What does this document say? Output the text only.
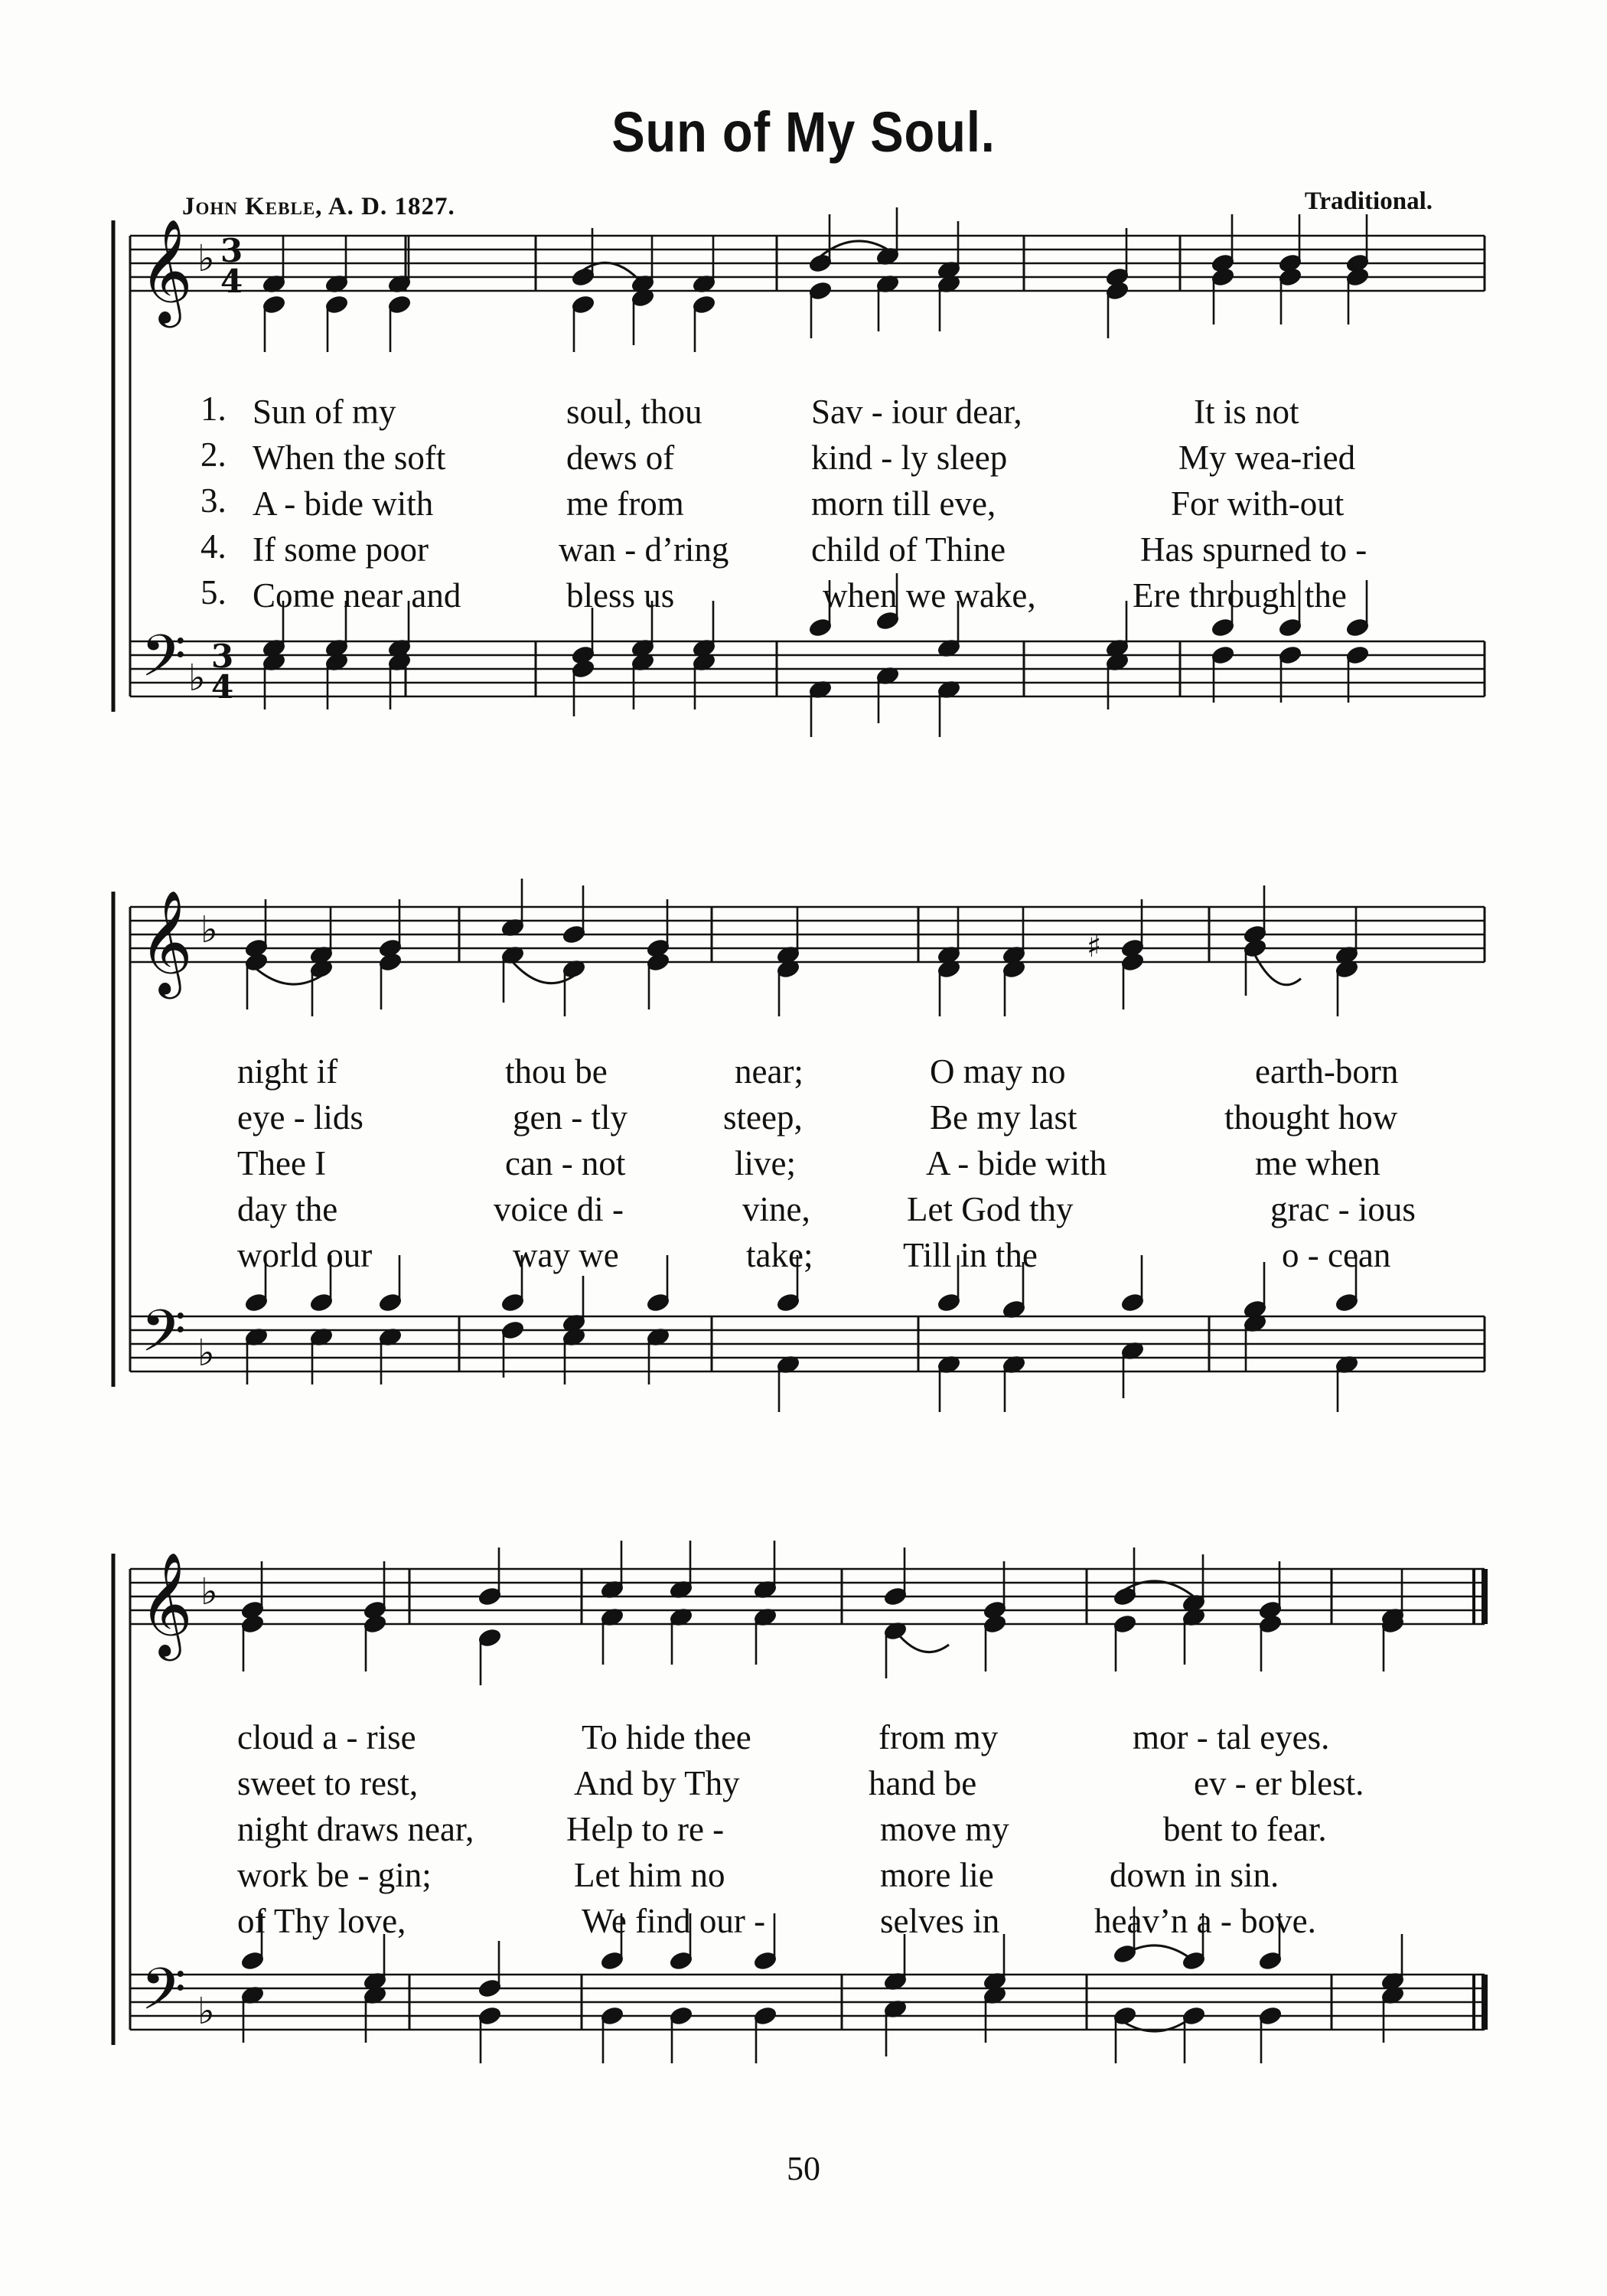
Sun of My Soul.
John Keble, A. D. 1827.	Traditional.
𝄞
𝄢
♭
♭
3
4
3
4
𝄞
𝄢
♭
♭
𝄞
𝄢
♭
♭
♯
1.
2.
3.
4.
5.
Sun of my	soul, thou	Sav - iour dear,	It is not
When the soft	dews of	kind - ly sleep	My wea-ried
A - bide with	me from	morn till eve,	For with-out
If some poor	wan - d’ring child of Thine	Has spurned to -
Come near and	bless us	when we wake,	Ere through the
night if	thou be	near;	O may no	earth-born
eye - lids	gen - tly	steep,	Be my last	thought how
Thee I	can - not	live;	A - bide with	me when
day the	voice di -	vine,	Let God thy	grac - ious
world our	way we	take;	Till in the	o - cean
cloud a - rise	To hide thee	from my	mor - tal eyes.
sweet to rest,	And by Thy	hand be	ev - er blest.
night draws near,	Help to re -	move my	bent to fear.
work be - gin;	Let him no	more lie	down in sin.
of Thy love,	We find our -	selves in	heav’n a - bove.
50
